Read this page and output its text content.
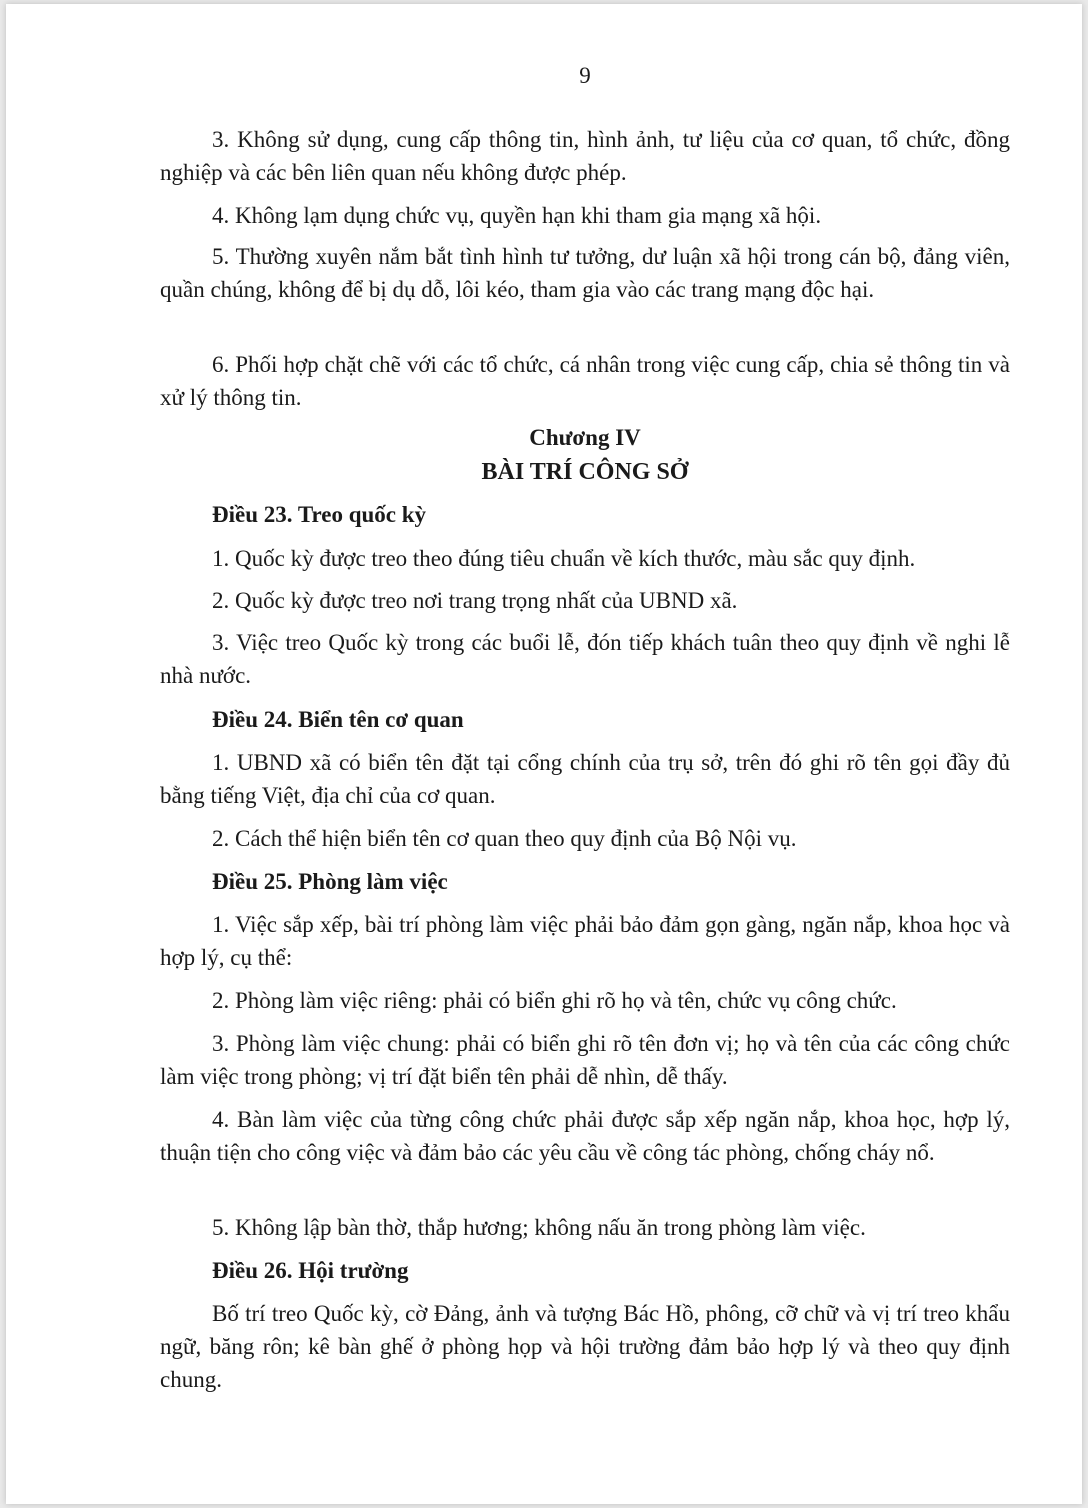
9

3. Không sử dụng, cung cấp thông tin, hình ảnh, tư liệu của cơ quan, tổ chức, đồng nghiệp và các bên liên quan nếu không được phép.

4. Không lạm dụng chức vụ, quyền hạn khi tham gia mạng xã hội.

5. Thường xuyên nắm bắt tình hình tư tưởng, dư luận xã hội trong cán bộ, đảng viên, quần chúng, không để bị dụ dỗ, lôi kéo, tham gia vào các trang mạng độc hại.

6. Phối hợp chặt chẽ với các tổ chức, cá nhân trong việc cung cấp, chia sẻ thông tin và xử lý thông tin.

Chương IV
BÀI TRÍ CÔNG SỞ
Điều 23. Treo quốc kỳ

1. Quốc kỳ được treo theo đúng tiêu chuẩn về kích thước, màu sắc quy định.

2. Quốc kỳ được treo nơi trang trọng nhất của UBND xã.

3. Việc treo Quốc kỳ trong các buổi lễ, đón tiếp khách tuân theo quy định về nghi lễ nhà nước.

Điều 24. Biển tên cơ quan

1. UBND xã có biển tên đặt tại cổng chính của trụ sở, trên đó ghi rõ tên gọi đầy đủ bằng tiếng Việt, địa chỉ của cơ quan.

2. Cách thể hiện biển tên cơ quan theo quy định của Bộ Nội vụ.

Điều 25. Phòng làm việc

1. Việc sắp xếp, bài trí phòng làm việc phải bảo đảm gọn gàng, ngăn nắp, khoa học và hợp lý, cụ thể:

2. Phòng làm việc riêng: phải có biển ghi rõ họ và tên, chức vụ công chức.

3. Phòng làm việc chung: phải có biển ghi rõ tên đơn vị; họ và tên của các công chức làm việc trong phòng; vị trí đặt biển tên phải dễ nhìn, dễ thấy.

4. Bàn làm việc của từng công chức phải được sắp xếp ngăn nắp, khoa học, hợp lý, thuận tiện cho công việc và đảm bảo các yêu cầu về công tác phòng, chống cháy nổ.

5. Không lập bàn thờ, thắp hương; không nấu ăn trong phòng làm việc.

Điều 26. Hội trường

Bố trí treo Quốc kỳ, cờ Đảng, ảnh và tượng Bác Hồ, phông, cỡ chữ và vị trí treo khẩu ngữ, băng rôn; kê bàn ghế ở phòng họp và hội trường đảm bảo hợp lý và theo quy định chung.
